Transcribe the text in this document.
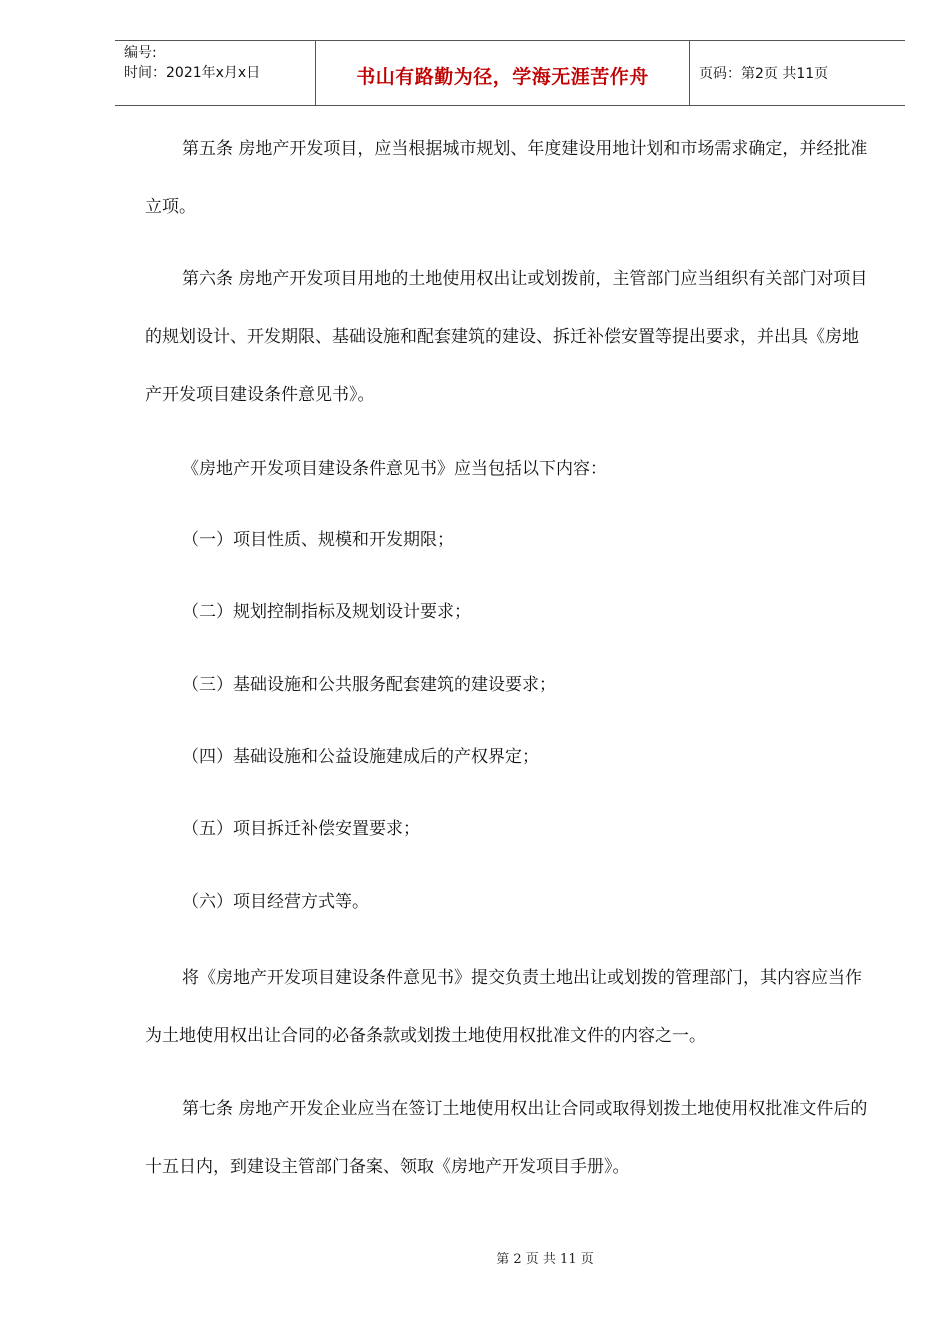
编号:
时间：2021年x月x日	书山有路勤为径，学海无涯苦作舟	页码：第2页 共11页

第五条 房地产开发项目，应当根据城市规划、年度建设用地计划和市场需求确定，并经批准立项。

第六条 房地产开发项目用地的土地使用权出让或划拨前，主管部门应当组织有关部门对项目的规划设计、开发期限、基础设施和配套建筑的建设、拆迁补偿安置等提出要求，并出具《房地产开发项目建设条件意见书》。

《房地产开发项目建设条件意见书》应当包括以下内容：

（一）项目性质、规模和开发期限；

（二）规划控制指标及规划设计要求；

（三）基础设施和公共服务配套建筑的建设要求；

（四）基础设施和公益设施建成后的产权界定；

（五）项目拆迁补偿安置要求；

（六）项目经营方式等。

将《房地产开发项目建设条件意见书》提交负责土地出让或划拨的管理部门，其内容应当作为土地使用权出让合同的必备条款或划拨土地使用权批准文件的内容之一。

第七条 房地产开发企业应当在签订土地使用权出让合同或取得划拨土地使用权批准文件后的十五日内，到建设主管部门备案、领取《房地产开发项目手册》。

第 2 页 共 11 页
